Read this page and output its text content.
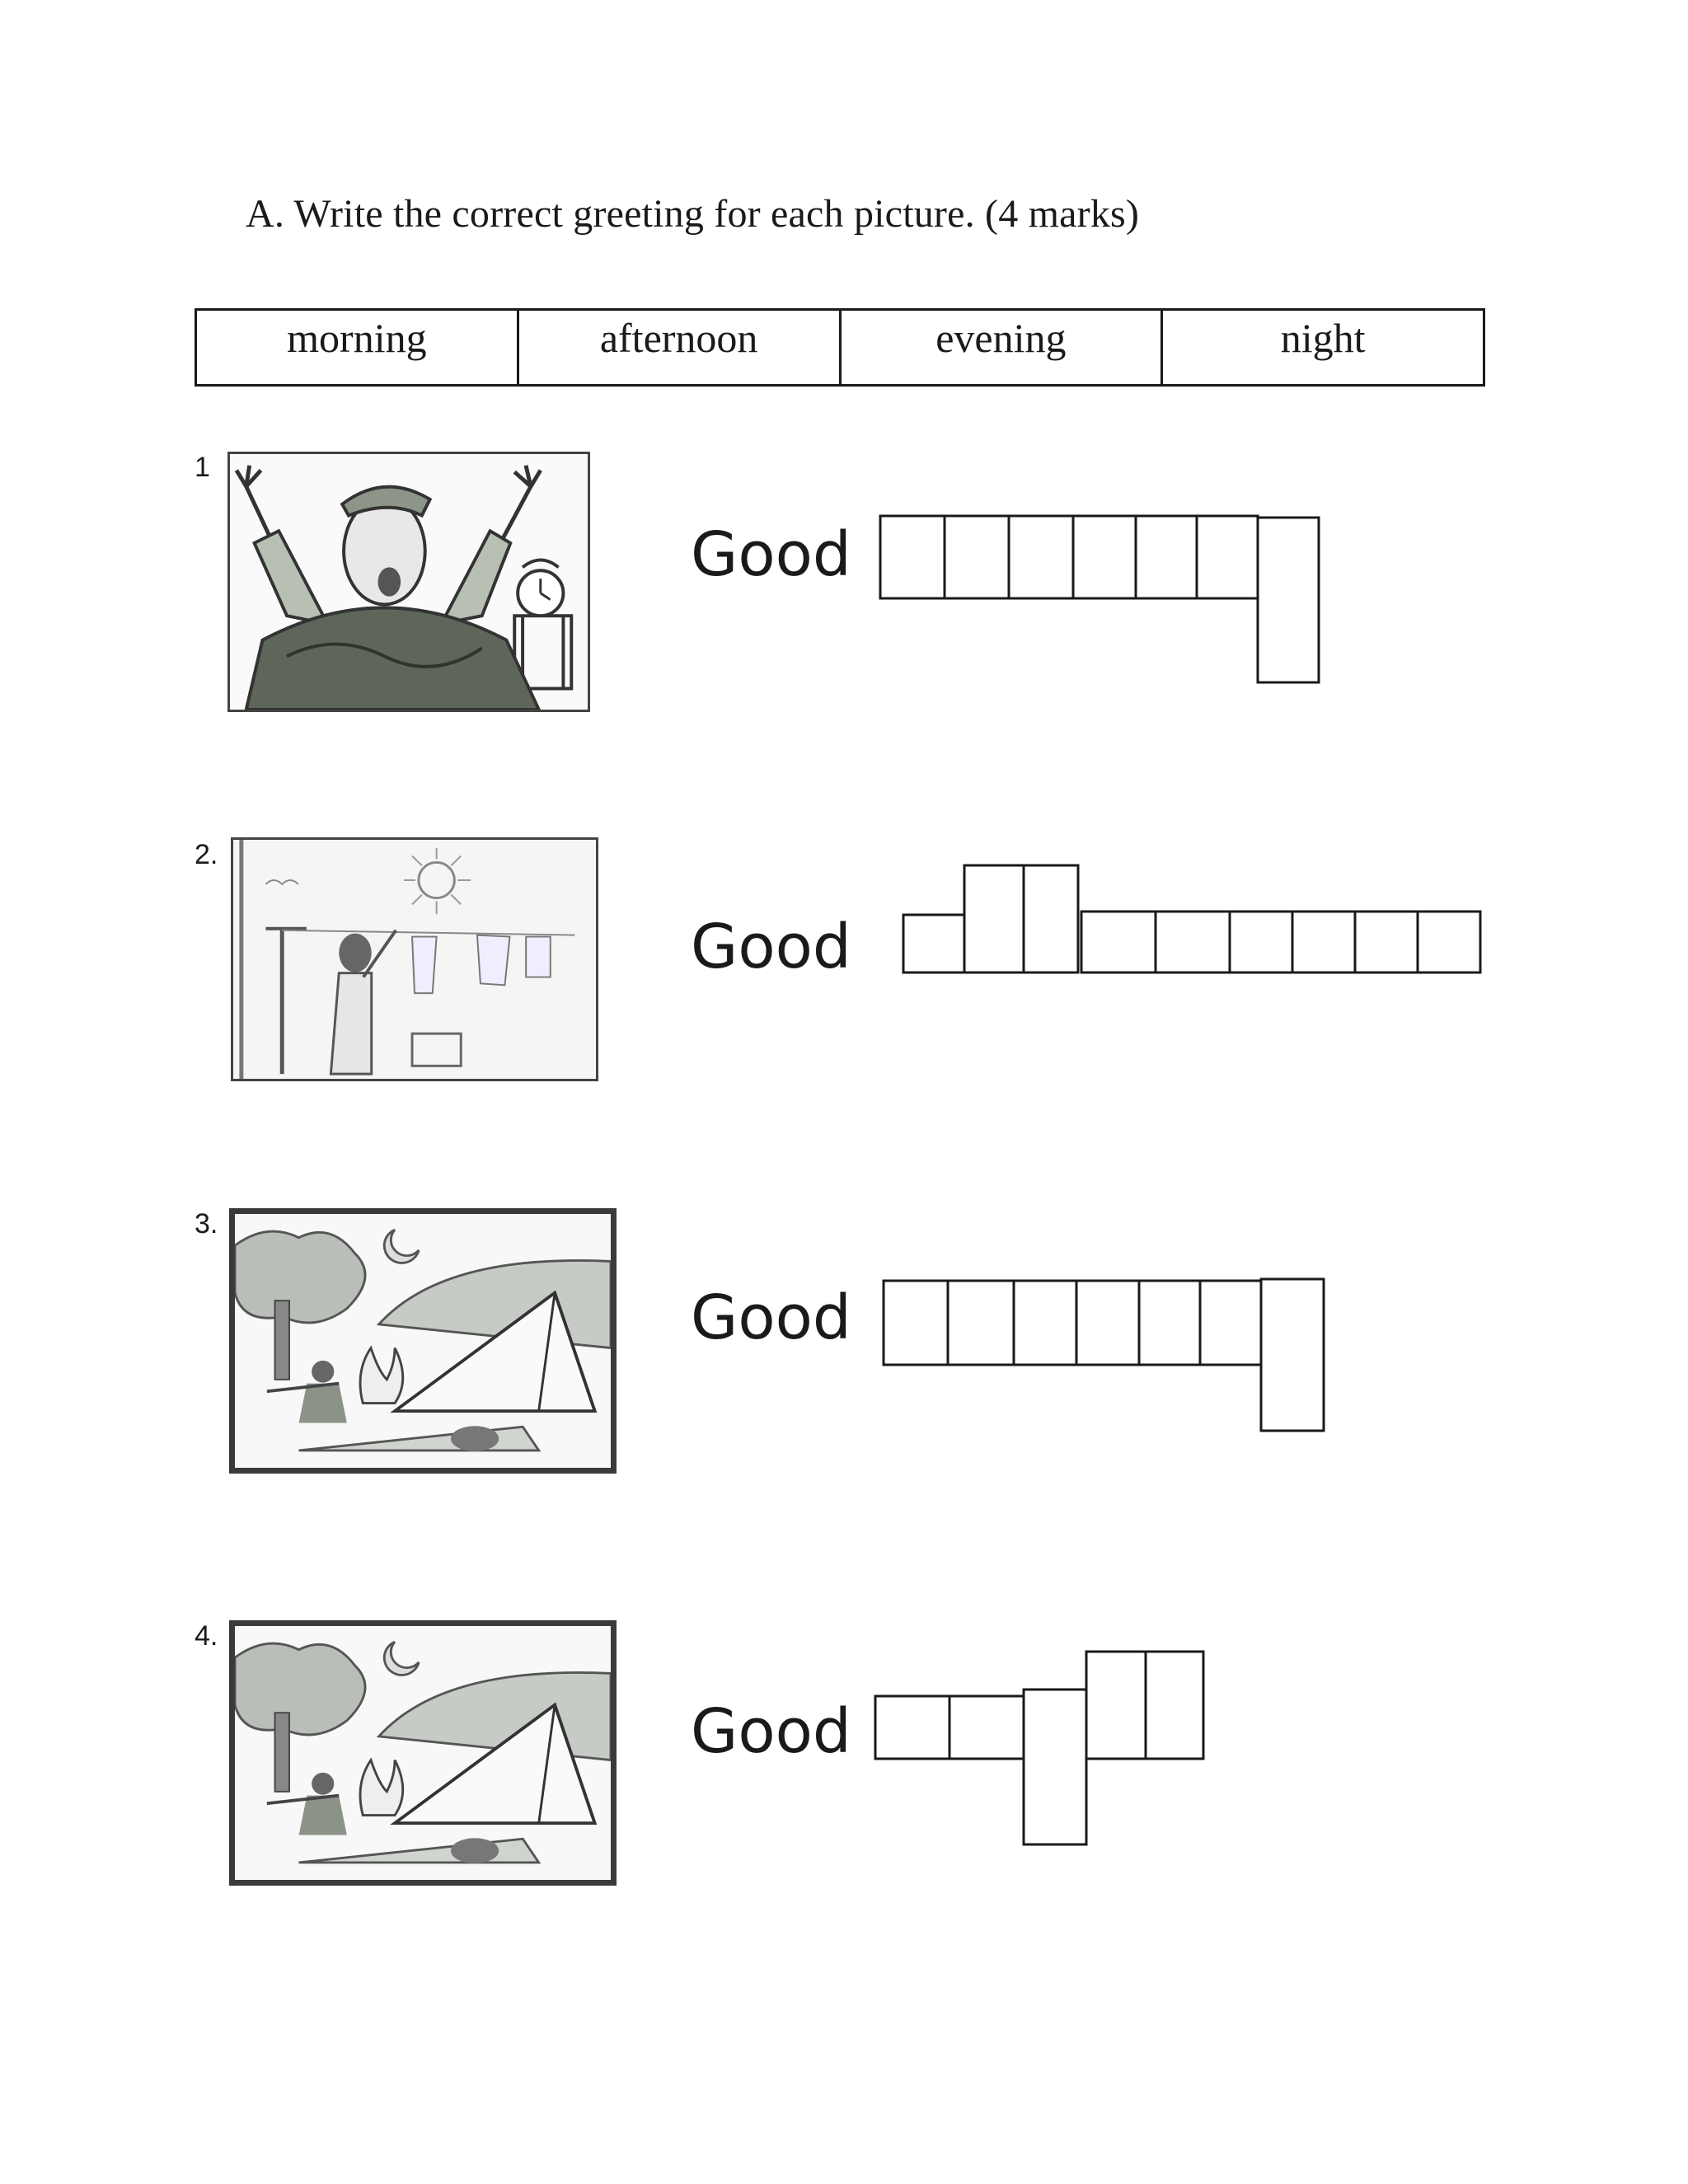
A. Write the correct greeting for each picture. (4 marks)
morning	afternoon	evening	night
1
2.
3.
4.
Good
Good
Good
Good
